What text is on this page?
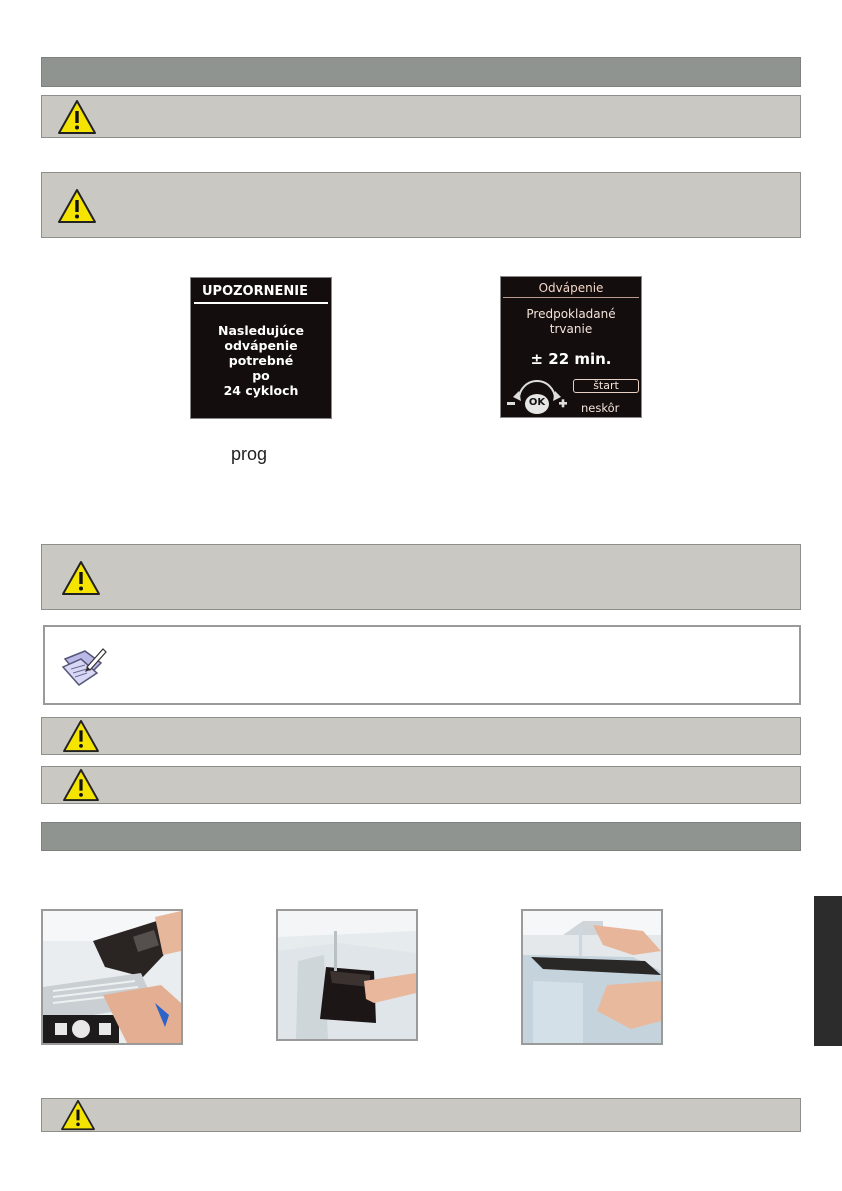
UPOZORNENIE
Nasledujúce
odvápenie
potrebné
po
24 cykloch
Odvápenie
Predpokladané
trvanie
± 22 min.
OK
štart
neskôr
prog
